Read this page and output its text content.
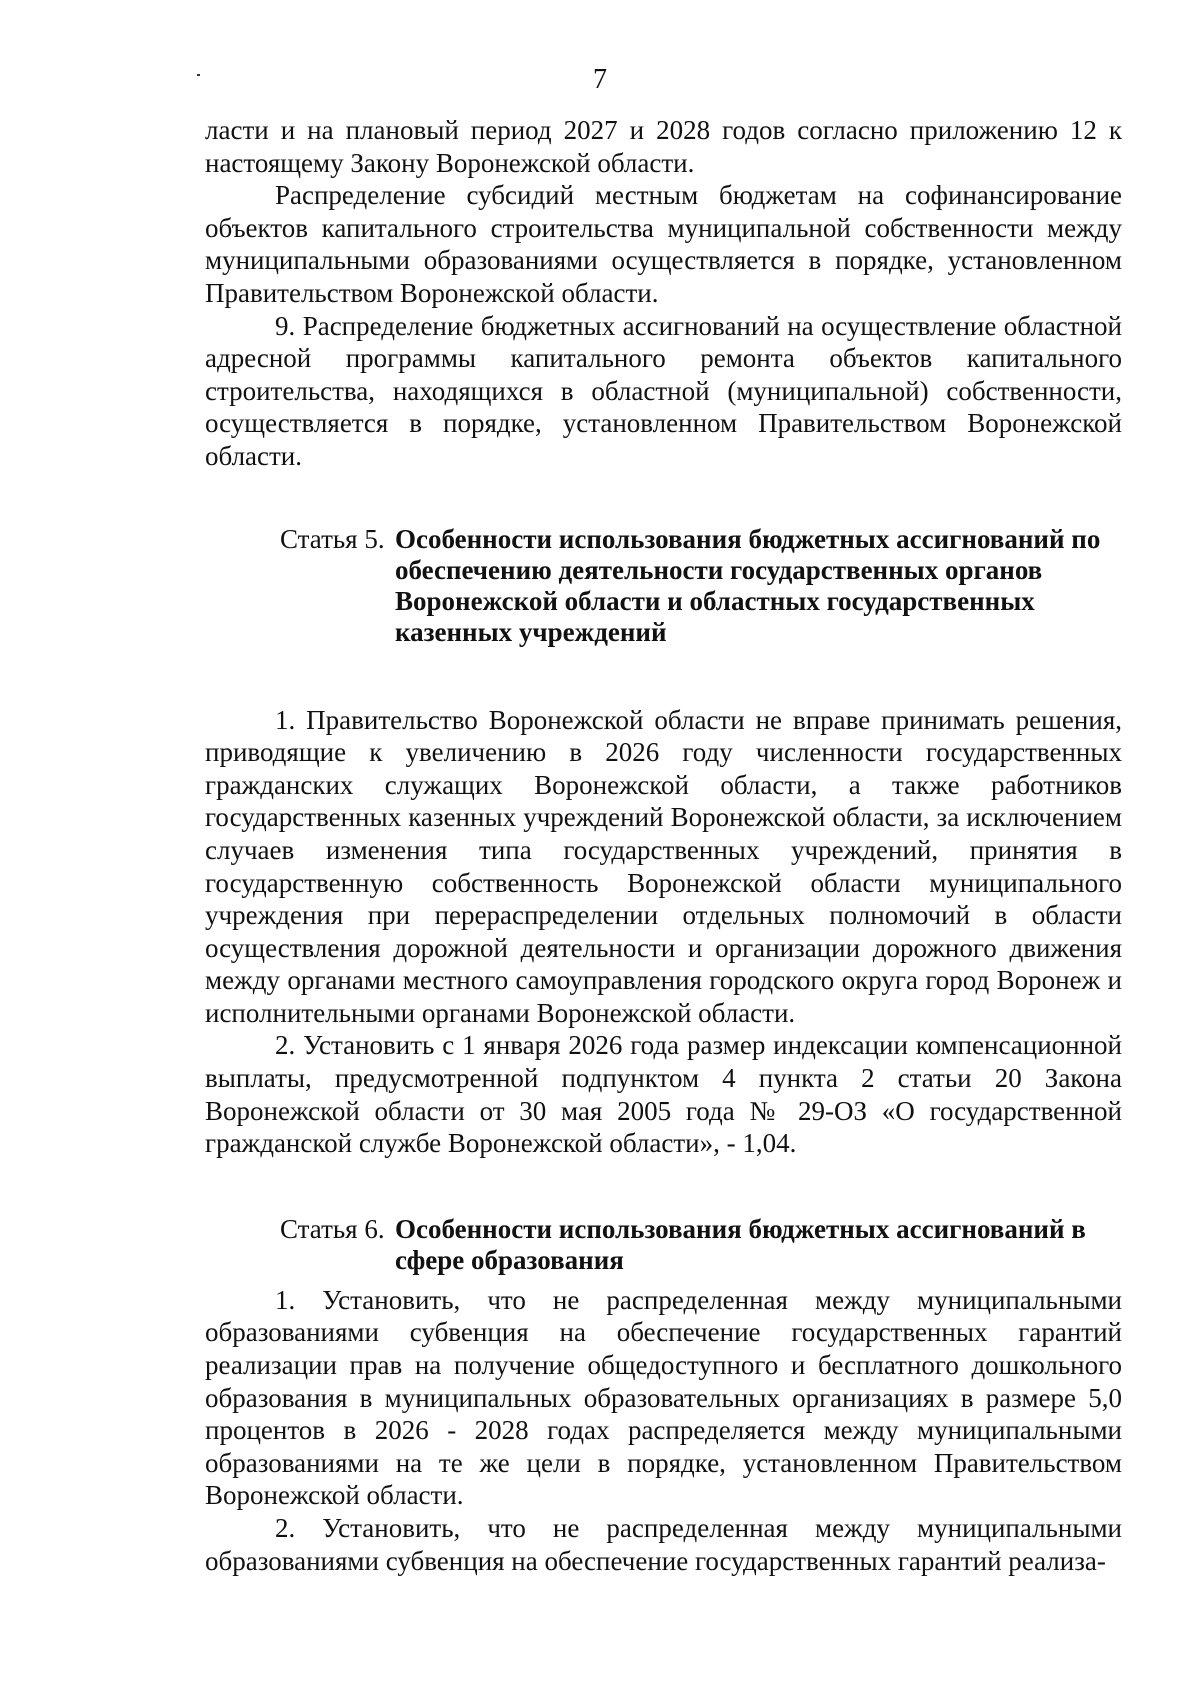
7

ласти и на плановый период 2027 и 2028 годов согласно приложению 12 к настоящему Закону Воронежской области.

Распределение субсидий местным бюджетам на софинансирование объектов капитального строительства муниципальной собственности между муниципальными образованиями осуществляется в порядке, установленном Правительством Воронежской области.

9. Распределение бюджетных ассигнований на осуществление областной адресной программы капитального ремонта объектов капитального строительства, находящихся в областной (муниципальной) собственности, осуществляется в порядке, установленном Правительством Воронежской области.

Статья 5. Особенности использования бюджетных ассигнований по обеспечению деятельности государственных органов Воронежской области и областных государственных казенных учреждений

1. Правительство Воронежской области не вправе принимать решения, приводящие к увеличению в 2026 году численности государственных гражданских служащих Воронежской области, а также работников государственных казенных учреждений Воронежской области, за исключением случаев изменения типа государственных учреждений, принятия в государственную собственность Воронежской области муниципального учреждения при перераспределении отдельных полномочий в области осуществления дорожной деятельности и организации дорожного движения между органами местного самоуправления городского округа город Воронеж и исполнительными органами Воронежской области.

2. Установить с 1 января 2026 года размер индексации компенсационной выплаты, предусмотренной подпунктом 4 пункта 2 статьи 20 Закона Воронежской области от 30 мая 2005 года № 29-ОЗ «О государственной гражданской службе Воронежской области», - 1,04.

Статья 6. Особенности использования бюджетных ассигнований в сфере образования

1. Установить, что не распределенная между муниципальными образованиями субвенция на обеспечение государственных гарантий реализации прав на получение общедоступного и бесплатного дошкольного образования в муниципальных образовательных организациях в размере 5,0 процентов в 2026 - 2028 годах распределяется между муниципальными образованиями на те же цели в порядке, установленном Правительством Воронежской области.

2. Установить, что не распределенная между муниципальными образованиями субвенция на обеспечение государственных гарантий реализа-
